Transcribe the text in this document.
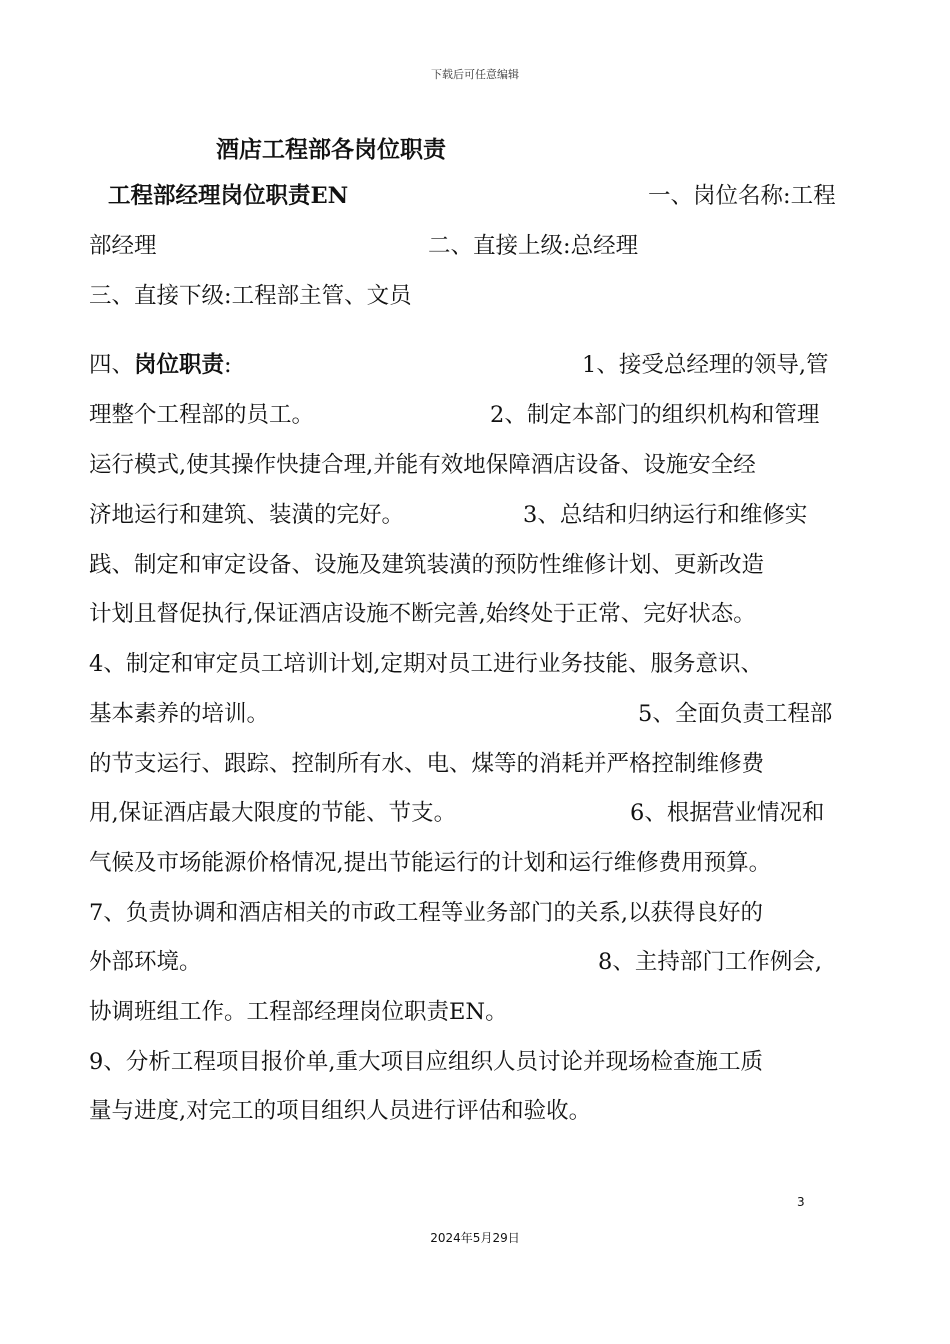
下载后可任意编辑
酒店工程部各岗位职责
工程部经理岗位职责EN	一、岗位名称:工程
部经理	二、直接上级:总经理
三、直接下级:工程部主管、文员
四、岗位职责:	1、接受总经理的领导,管
理整个工程部的员工。	2、制定本部门的组织机构和管理
运行模式,使其操作快捷合理,并能有效地保障酒店设备、设施安全经
济地运行和建筑、装潢的完好。	3、总结和归纳运行和维修实
践、制定和审定设备、设施及建筑装潢的预防性维修计划、更新改造
计划且督促执行,保证酒店设施不断完善,始终处于正常、完好状态。
4、制定和审定员工培训计划,定期对员工进行业务技能、服务意识、
基本素养的培训。	5、全面负责工程部
的节支运行、跟踪、控制所有水、电、煤等的消耗并严格控制维修费
用,保证酒店最大限度的节能、节支。	6、根据营业情况和
气候及市场能源价格情况,提出节能运行的计划和运行维修费用预算。
7、负责协调和酒店相关的市政工程等业务部门的关系,以获得良好的
外部环境。	8、主持部门工作例会,
协调班组工作。工程部经理岗位职责EN。
9、分析工程项目报价单,重大项目应组织人员讨论并现场检查施工质
量与进度,对完工的项目组织人员进行评估和验收。
3
2024年5月29日
